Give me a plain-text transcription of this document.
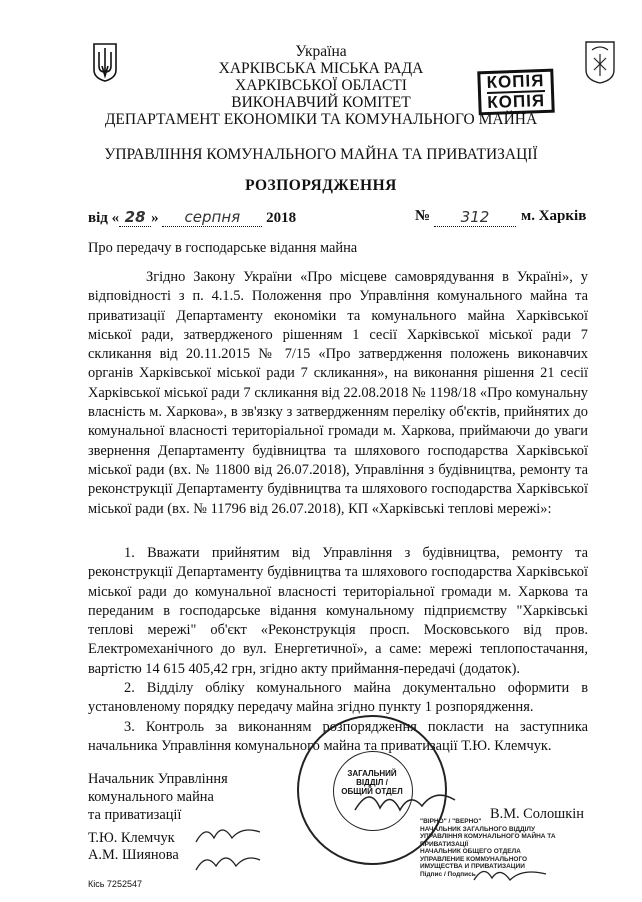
Україна
ХАРКІВСЬКА МІСЬКА РАДА
ХАРКІВСЬКОЇ ОБЛАСТІ
ВИКОНАВЧИЙ КОМІТЕТ
ДЕПАРТАМЕНТ ЕКОНОМІКИ ТА КОМУНАЛЬНОГО МАЙНА
УПРАВЛІННЯ КОМУНАЛЬНОГО МАЙНА ТА ПРИВАТИЗАЦІЇ
КОПІЯ
КОПІЯ
РОЗПОРЯДЖЕННЯ
від « 28 » серпня 2018	№	312	м. Харків
Про передачу в господарське відання майна

Згідно Закону України «Про місцеве самоврядування в Україні», у відповідності з п. 4.1.5. Положення про Управління комунального майна та приватизації Департаменту економіки та комунального майна Харківської міської ради, затвердженого рішенням 1 сесії Харківської міської ради 7 скликання від 20.11.2015 № 7/15 «Про затвердження положень виконавчих органів Харківської міської ради 7 скликання», на виконання рішення 21 сесії Харківської міської ради 7 скликання від 22.08.2018 № 1198/18 «Про комунальну власність м. Харкова», в зв'язку з затвердженням переліку об'єктів, прийнятих до комунальної власності територіальної громади м. Харкова, приймаючи до уваги звернення Департаменту будівництва та шляхового господарства Харківської міської ради (вх. № 11800 від 26.07.2018), Управління з будівництва, ремонту та реконструкції Департаменту будівництва та шляхового господарства Харківської міської ради (вх. № 11796 від 26.07.2018), КП «Харківські теплові мережі»:

1. Вважати прийнятим від Управління з будівництва, ремонту та реконструкції Департаменту будівництва та шляхового господарства Харківської міської ради до комунальної власності територіальної громади м. Харкова та переданим в господарське відання комунальному підприємству "Харківські теплові мережі" об'єкт «Реконструкція просп. Московського від пров. Електромеханічного до вул. Енергетичної», а саме: мережі теплопостачання, вартістю 14 615 405,42 грн, згідно акту приймання-передачі (додаток).

2. Відділу обліку комунального майна документально оформити в установленому порядку передачу майна згідно пункту 1 розпорядження.

3. Контроль за виконанням розпорядження покласти на заступника начальника Управління комунального майна та приватизації Т.Ю. Клемчук.

Начальник Управління
комунального майна
та приватизації	В.М. Солошкін
ЗАГАЛЬНИЙ
ВІДДІЛ /
ОБЩИЙ ОТДЕЛ
"ВІРНО" / "ВЕРНО"
НАЧАЛЬНИК ЗАГАЛЬНОГО ВІДДІЛУ
УПРАВЛІННЯ КОМУНАЛЬНОГО МАЙНА ТА ПРИВАТИЗАЦІЇ
НАЧАЛЬНИК ОБЩЕГО ОТДЕЛА
УПРАВЛЕНИЕ КОММУНАЛЬНОГО ИМУЩЕСТВА И ПРИВАТИЗАЦИИ
Підпис / Подпись
Т.Ю. Клемчук
А.М. Шиянова
Кісь 7252547
